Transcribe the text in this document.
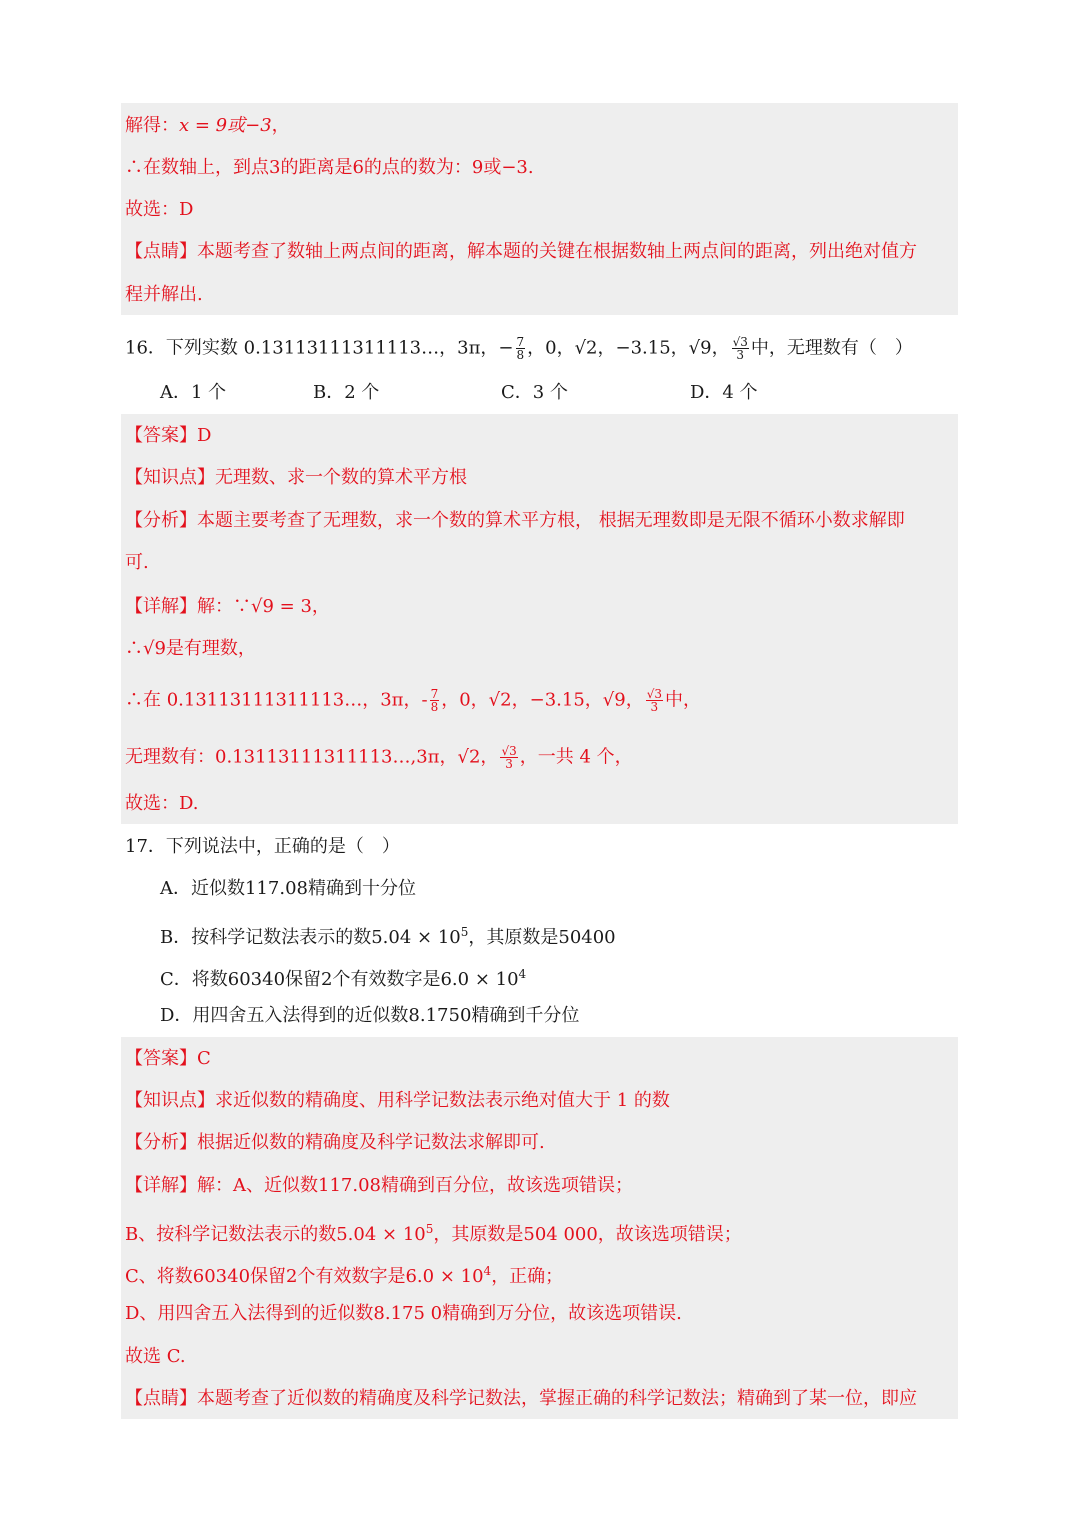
解得：x = 9或−3，
∴在数轴上，到点3的距离是6的点的数为：9或−3.
故选：D
【点睛】本题考查了数轴上两点间的距离，解本题的关键在根据数轴上两点间的距离，列出绝对值方
程并解出.
16．下列实数 0.13113111311113…，3π，− $\frac{7}{8}$ ，0，√2，−3.15，√9， $\frac{√3}{3}$ 中，无理数有（　）
A．1 个	B．2 个	C．3 个	D．4 个
【答案】D
【知识点】无理数、求一个数的算术平方根
【分析】本题主要考查了无理数，求一个数的算术平方根， 根据无理数即是无限不循环小数求解即
可.
【详解】解：∵√9 = 3，
∴√9是有理数，
∴在 0.13113111311113…，3π，- $\frac{7}{8}$ ，0，√2，−3.15，√9， $\frac{√3}{3}$ 中，
无理数有：0.13113111311113…,3π，√2， $\frac{√3}{3}$ ，一共 4 个，
故选：D.
17．下列说法中，正确的是（　）
A．近似数117.08精确到十分位
B．按科学记数法表示的数$5.04 \times 10^5$，其原数是50400
C．将数60340保留2个有效数字是$6.0 \times 10^4$
D．用四舍五入法得到的近似数8.1750精确到千分位
【答案】C
【知识点】求近似数的精确度、用科学记数法表示绝对值大于 1 的数
【分析】根据近似数的精确度及科学记数法求解即可.
【详解】解：A、近似数117.08精确到百分位，故该选项错误；
B、按科学记数法表示的数$5.04 \times 10^5$，其原数是504 000，故该选项错误；
C、将数60340保留2个有效数字是$6.0 \times 10^4$，正确；
D、用四舍五入法得到的近似数8.175 0精确到万分位，故该选项错误.
故选 C.
【点睛】本题考查了近似数的精确度及科学记数法，掌握正确的科学记数法；精确到了某一位，即应
